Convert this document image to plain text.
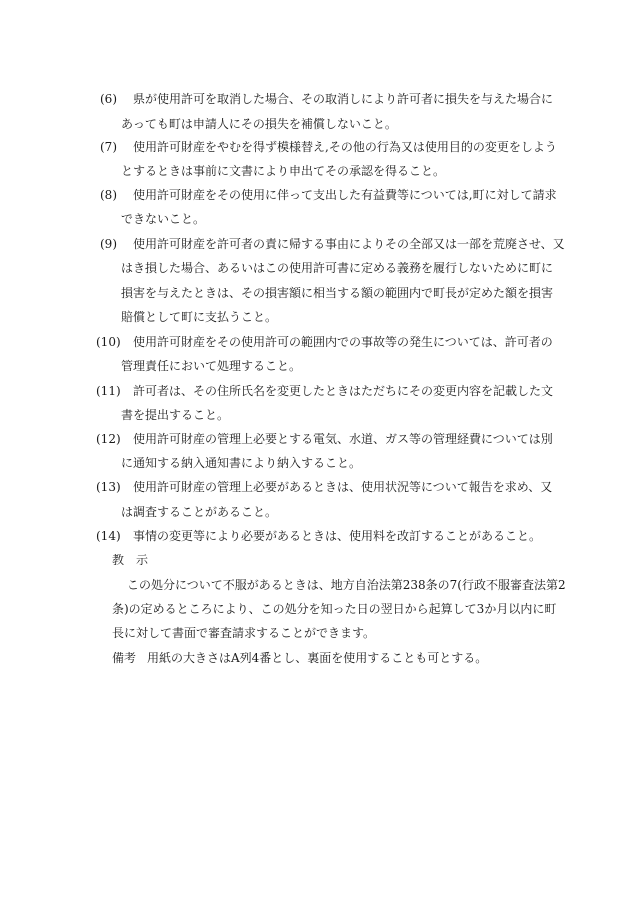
(6) 県が使用許可を取消した場合、その取消しにより許可者に損失を与えた場合に
あっても町は申請人にその損失を補償しないこと。
(7) 使用許可財産をやむを得ず模様替え,その他の行為又は使用目的の変更をしよう
とするときは事前に文書により申出てその承認を得ること。
(8) 使用許可財産をその使用に伴って支出した有益費等については,町に対して請求
できないこと。
(9) 使用許可財産を許可者の責に帰する事由によりその全部又は一部を荒廃させ、又
はき損した場合、あるいはこの使用許可書に定める義務を履行しないために町に
損害を与えたときは、その損害額に相当する額の範囲内で町長が定めた額を損害
賠償として町に支払うこと。
(10) 使用許可財産をその使用許可の範囲内での事故等の発生については、許可者の
管理責任において処理すること。
(11) 許可者は、その住所氏名を変更したときはただちにその変更内容を記載した文
書を提出すること。
(12) 使用許可財産の管理上必要とする電気、水道、ガス等の管理経費については別
に通知する納入通知書により納入すること。
(13) 使用許可財産の管理上必要があるときは、使用状況等について報告を求め、又
は調査することがあること。
(14) 事情の変更等により必要があるときは、使用料を改訂することがあること。
教　示
この処分について不服があるときは、地方自治法第238条の7(行政不服審査法第2
条)の定めるところにより、この処分を知った日の翌日から起算して3か月以内に町
長に対して書面で審査請求することができます。
備考 用紙の大きさはA列4番とし、裏面を使用することも可とする。
